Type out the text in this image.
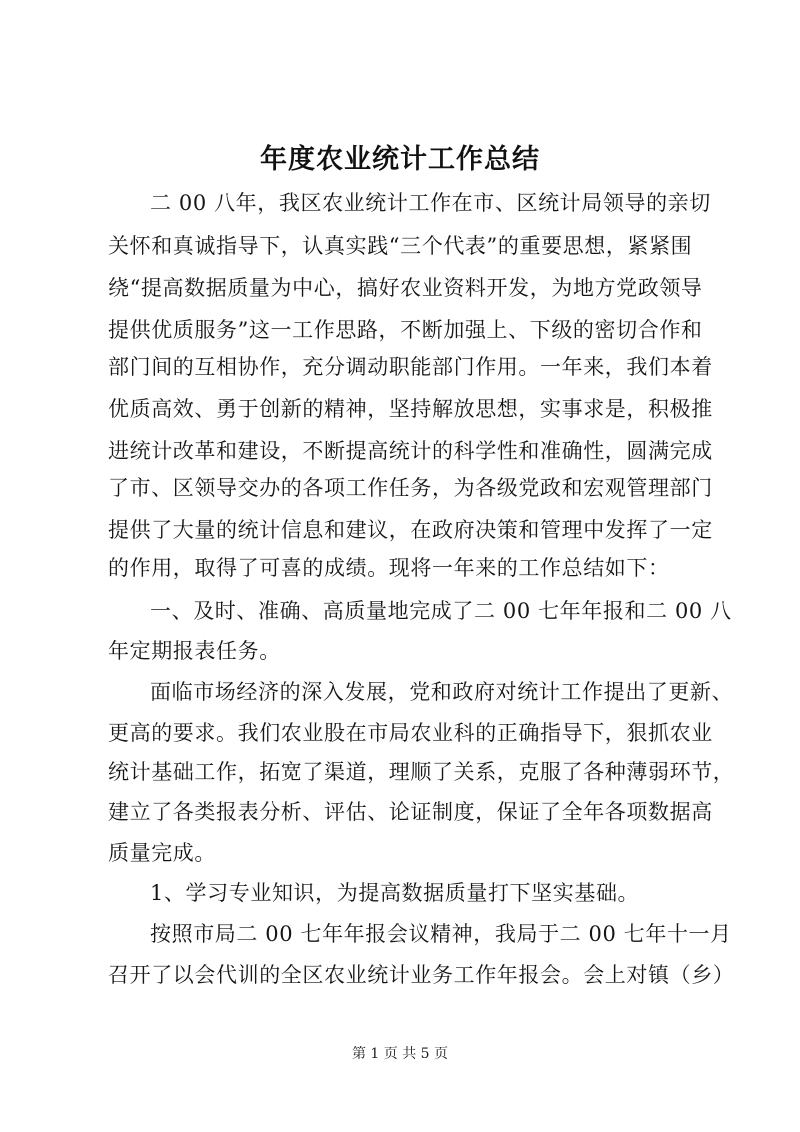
年度农业统计工作总结
二 00 八年，我区农业统计工作在市、区统计局领导的亲切
关怀和真诚指导下，认真实践“三个代表”的重要思想，紧紧围
绕“提高数据质量为中心，搞好农业资料开发，为地方党政领导
提供优质服务”这一工作思路，不断加强上、下级的密切合作和
部门间的互相协作，充分调动职能部门作用。一年来，我们本着
优质高效、勇于创新的精神，坚持解放思想，实事求是，积极推
进统计改革和建设，不断提高统计的科学性和准确性，圆满完成
了市、区领导交办的各项工作任务，为各级党政和宏观管理部门
提供了大量的统计信息和建议，在政府决策和管理中发挥了一定
的作用，取得了可喜的成绩。现将一年来的工作总结如下：
一、及时、准确、高质量地完成了二 00 七年年报和二 00 八
年定期报表任务。
面临市场经济的深入发展，党和政府对统计工作提出了更新、
更高的要求。我们农业股在市局农业科的正确指导下，狠抓农业
统计基础工作，拓宽了渠道，理顺了关系，克服了各种薄弱环节，
建立了各类报表分析、评估、论证制度，保证了全年各项数据高
质量完成。
1、学习专业知识，为提高数据质量打下坚实基础。
按照市局二 00 七年年报会议精神，我局于二 00 七年十一月
召开了以会代训的全区农业统计业务工作年报会。会上对镇（乡）
第 1 页 共 5 页
